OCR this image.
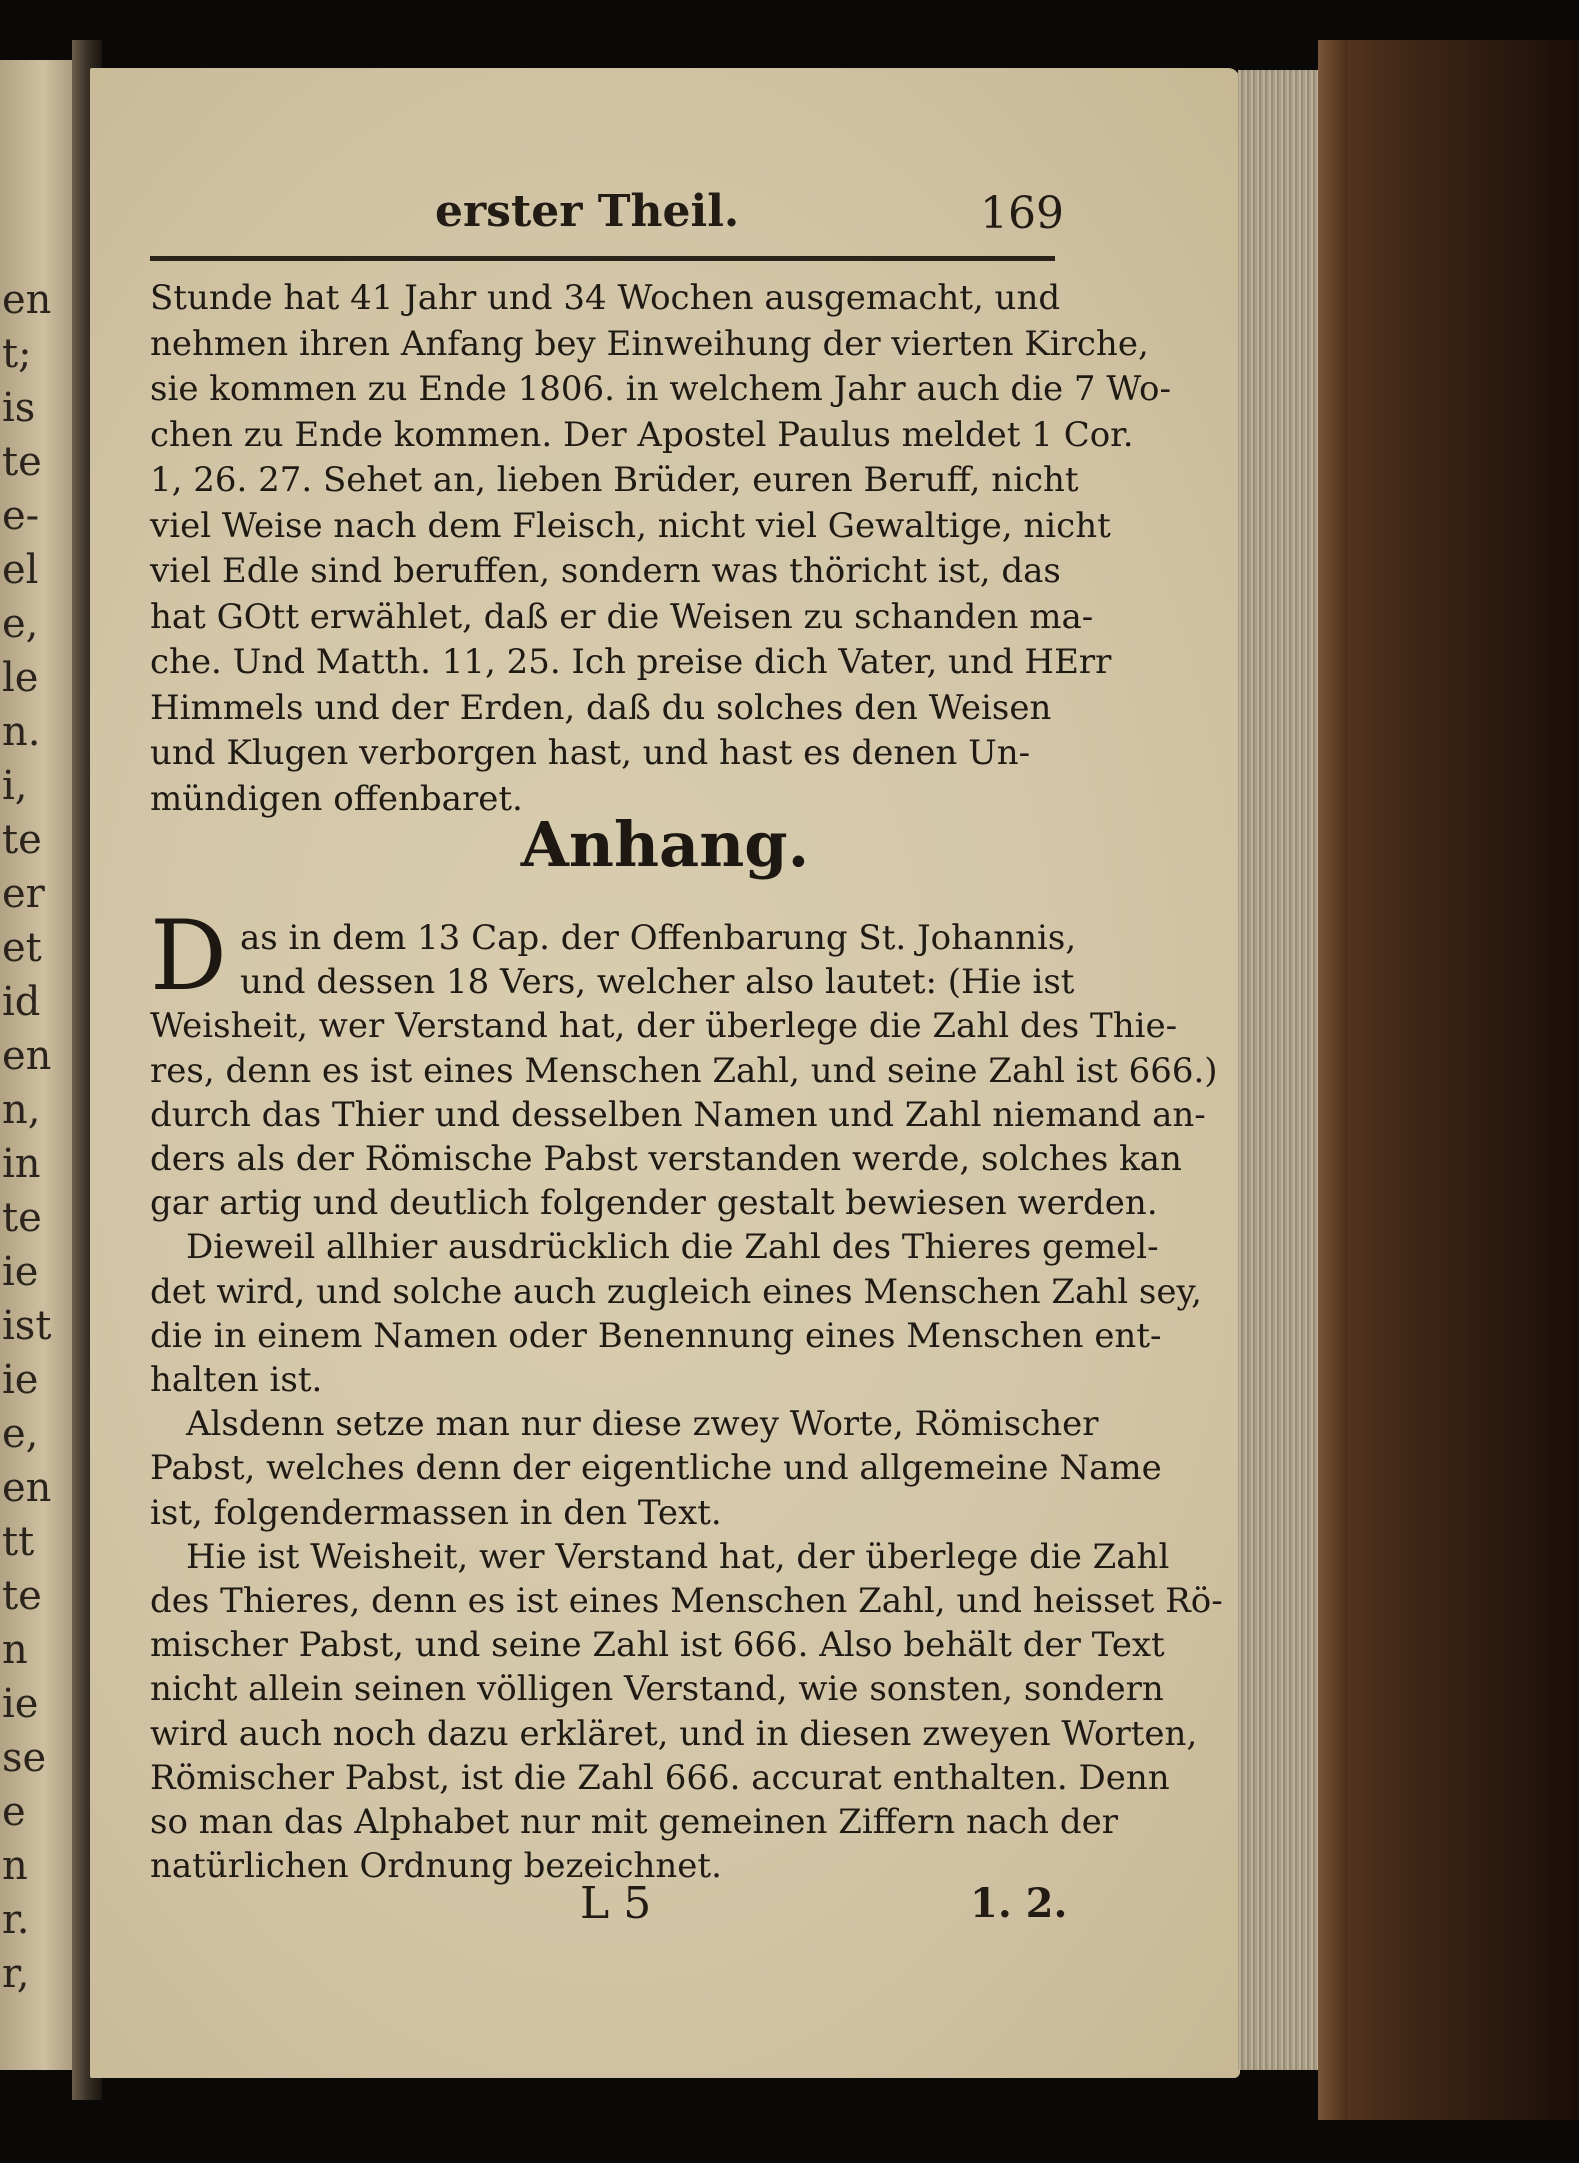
en
t;
is
te
e-
el
e,
le
n.
i,
te
er
et
id
en
n,
in
te
ie
ist
ie
e,
en
tt
te
n
ie
se
e
n
r.
r,
erster Theil.	169
Stunde hat 41 Jahr und 34 Wochen ausgemacht, und
nehmen ihren Anfang bey Einweihung der vierten Kirche,
sie kommen zu Ende 1806. in welchem Jahr auch die 7 Wo-
chen zu Ende kommen. Der Apostel Paulus meldet 1 Cor.
1, 26. 27. Sehet an, lieben Brüder, euren Beruff, nicht
viel Weise nach dem Fleisch, nicht viel Gewaltige, nicht
viel Edle sind beruffen, sondern was thöricht ist, das
hat GOtt erwählet, daß er die Weisen zu schanden ma-
che. Und Matth. 11, 25. Ich preise dich Vater, und HErr
Himmels und der Erden, daß du solches den Weisen
und Klugen verborgen hast, und hast es denen Un-
mündigen offenbaret.
Anhang.
D as in dem 13 Cap. der Offenbarung St. Johannis,
und dessen 18 Vers, welcher also lautet: (Hie ist
Weisheit, wer Verstand hat, der überlege die Zahl des Thie-
res, denn es ist eines Menschen Zahl, und seine Zahl ist 666.)
durch das Thier und desselben Namen und Zahl niemand an-
ders als der Römische Pabst verstanden werde, solches kan
gar artig und deutlich folgender gestalt bewiesen werden.
Dieweil allhier ausdrücklich die Zahl des Thieres gemel-
det wird, und solche auch zugleich eines Menschen Zahl sey,
die in einem Namen oder Benennung eines Menschen ent-
halten ist.
Alsdenn setze man nur diese zwey Worte, Römischer
Pabst, welches denn der eigentliche und allgemeine Name
ist, folgendermassen in den Text.
Hie ist Weisheit, wer Verstand hat, der überlege die Zahl
des Thieres, denn es ist eines Menschen Zahl, und heisset Rö-
mischer Pabst, und seine Zahl ist 666. Also behält der Text
nicht allein seinen völligen Verstand, wie sonsten, sondern
wird auch noch dazu erkläret, und in diesen zweyen Worten,
Römischer Pabst, ist die Zahl 666. accurat enthalten. Denn
so man das Alphabet nur mit gemeinen Ziffern nach der
natürlichen Ordnung bezeichnet.
L 5	1. 2.
